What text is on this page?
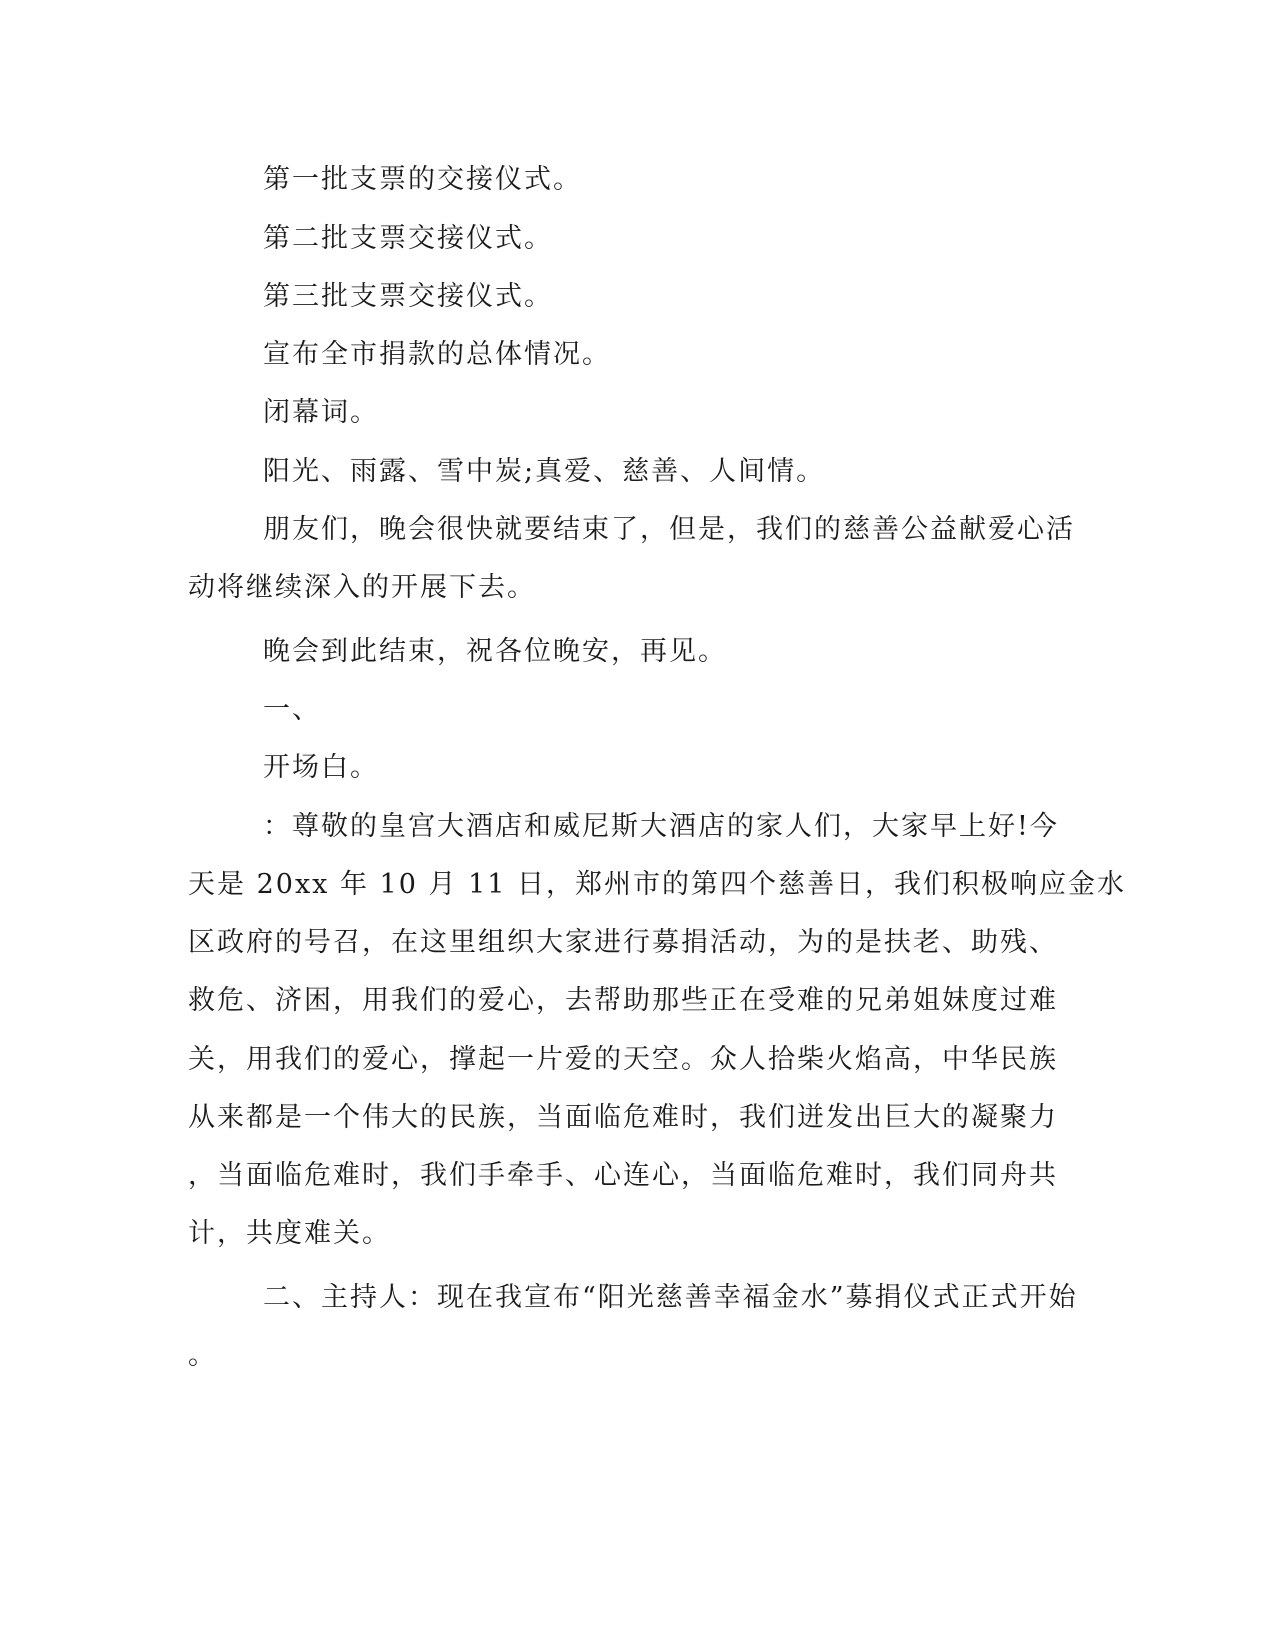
第一批支票的交接仪式。
第二批支票交接仪式。
第三批支票交接仪式。
宣布全市捐款的总体情况。
闭幕词。
阳光、雨露、雪中炭;真爱、慈善、人间情。
朋友们，晚会很快就要结束了，但是，我们的慈善公益献爱心活
动将继续深入的开展下去。
晚会到此结束，祝各位晚安，再见。
一、
开场白。
：尊敬的皇宫大酒店和威尼斯大酒店的家人们，大家早上好!今
天是 20xx 年 10 月 11 日，郑州市的第四个慈善日，我们积极响应金水
区政府的号召，在这里组织大家进行募捐活动，为的是扶老、助残、
救危、济困，用我们的爱心，去帮助那些正在受难的兄弟姐妹度过难
关，用我们的爱心，撑起一片爱的天空。众人拾柴火焰高，中华民族
从来都是一个伟大的民族，当面临危难时，我们迸发出巨大的凝聚力
，当面临危难时，我们手牵手、心连心，当面临危难时，我们同舟共
计，共度难关。
二、主持人：现在我宣布“阳光慈善幸福金水”募捐仪式正式开始
。
